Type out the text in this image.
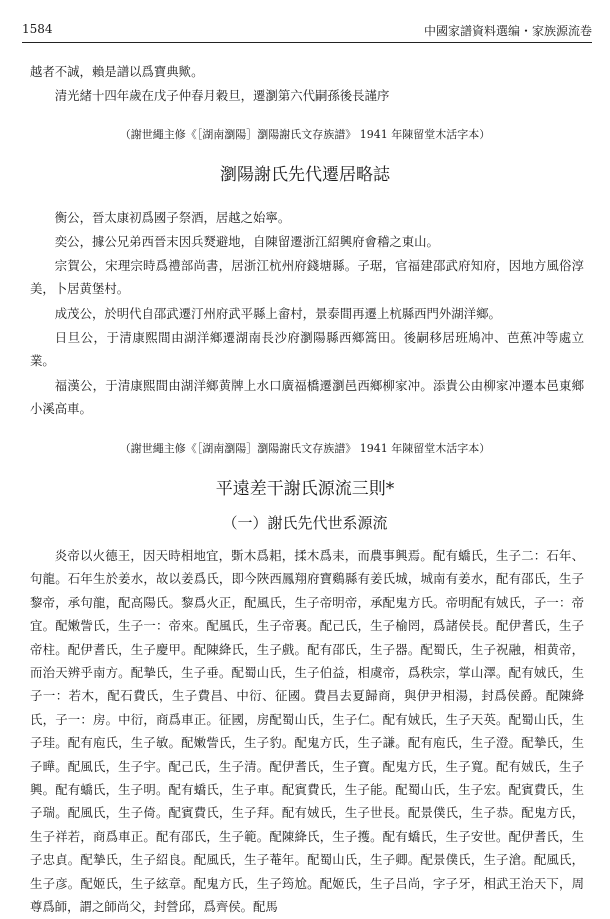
1584	中國家譜資料選编・家族源流卷
越者不誠，賴是譜以爲寶典歟。
清光緒十四年歲在戊子仲春月穀旦，遷瀏第六代嗣孫後長謹序
（謝世繩主修《［湖南瀏陽］瀏陽謝氏文存族譜》 1941 年陳留堂木活字本）
瀏陽謝氏先代遷居略誌
衡公，晉太康初爲國子祭酒，居越之始寧。
奕公，據公兄弟西晉末因兵燹避地，自陳留遷浙江紹興府會稽之東山。
宗賀公，宋理宗時爲禮部尚書，居浙江杭州府錢塘縣。子琚，官福建邵武府知府，因地方風俗淳美，卜居黄堡村。
成茂公，於明代自邵武遷汀州府武平縣上畲村，景泰間再遷上杭縣西門外湖洋鄉。
日旦公，于清康熙間由湖洋鄉遷湖南長沙府瀏陽縣西鄉篙田。後嗣移居班鳩冲、芭蕉冲等處立業。
福漢公，于清康熙間由湖洋鄉黄牌上水口廣福橋遷瀏邑西鄉柳家冲。添貴公由柳家冲遷本邑東鄉小溪高車。
（謝世繩主修《［湖南瀏陽］瀏陽謝氏文存族譜》 1941 年陳留堂木活字本）
平遠差干謝氏源流三則*
（一）謝氏先代世系源流
炎帝以火德王，因天時相地宜，斲木爲耜，揉木爲耒，而農事興焉。配有蟜氏，生子二：石年、句龍。石年生於姜水，故以姜爲氏，即今陜西鳳翔府寶鷄縣有姜氏城，城南有姜水，配有邵氏，生子黎帝，承句龍，配高陽氏。黎爲火正，配風氏，生子帝明帝，承配鬼方氏。帝明配有娀氏，子一：帝宜。配嫩訾氏，生子一：帝來。配風氏，生子帝裏。配己氏，生子榆罔，爲諸侯長。配伊耆氏，生子帝柱。配伊耆氏，生子慶甲。配陳絳氏，生子戲。配有邵氏，生子器。配蜀氏，生子祝融，相黄帝，而治天辨乎南方。配摯氏，生子垂。配蜀山氏，生子伯益，相虞帝，爲秩宗，掌山澤。配有娀氏，生子一：若木，配石費氏，生子費昌、中衍、征國。費昌去夏歸商，與伊尹相湯，封爲侯爵。配陳絳氏，子一：房。中衍，商爲車正。征國，房配蜀山氏，生子仁。配有娀氏，生子天英。配蜀山氏，生子珪。配有庖氏，生子敏。配嫩訾氏，生子豹。配鬼方氏，生子謙。配有庖氏，生子澄。配摯氏，生子曄。配風氏，生子宇。配己氏，生子清。配伊耆氏，生子寶。配鬼方氏，生子寬。配有娀氏，生子興。配有蟜氏，生子明。配有蟜氏，生子車。配賓費氏，生子能。配蜀山氏，生子宏。配賓費氏，生子瑞。配風氏，生子倚。配賓費氏，生子拜。配有娀氏，生子世長。配景僕氏，生子恭。配鬼方氏，生子祥若，商爲車正。配有邵氏，生子範。配陳絳氏，生子擭。配有蟜氏，生子安世。配伊耆氏，生子忠貞。配摯氏，生子紹良。配風氏，生子菴年。配蜀山氏，生子卿。配景僕氏，生子滄。配風氏，生子彦。配姬氏，生子絃章。配鬼方氏，生子筠尬。配姬氏，生子吕尚，字子牙，相武王治天下，周尊爲師，謂之師尚父，封營邱，爲齊侯。配馬
